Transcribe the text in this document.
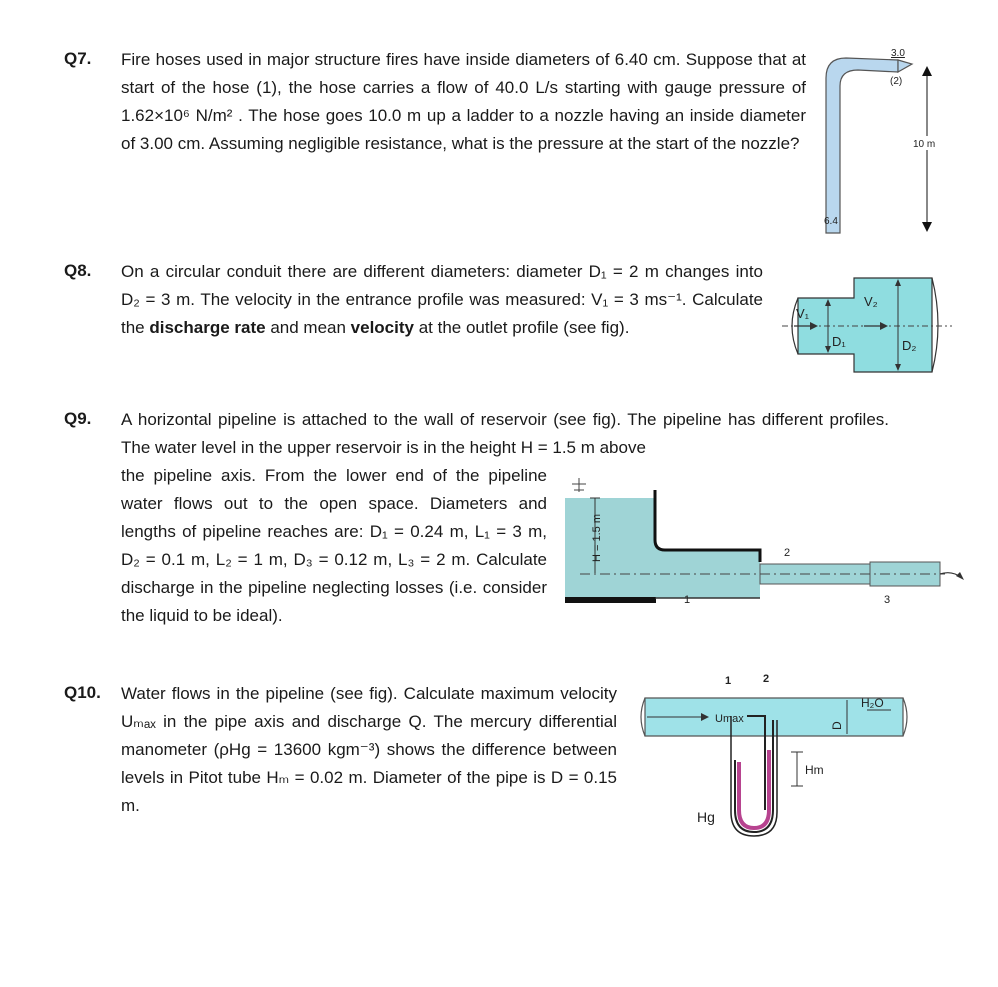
Q7. Fire hoses used in major structure fires have inside diameters of 6.40 cm. Suppose that at start of the hose (1), the hose carries a flow of 40.0 L/s starting with gauge pressure of 1.62×10⁶ N/m² . The hose goes 10.0 m up a ladder to a nozzle having an inside diameter of 3.00 cm. Assuming negligible resistance, what is the pressure at the start of the nozzle?
3.0
(2)
10 m
6.4
Q8. On a circular conduit there are different diameters: diameter D₁ = 2 m changes into D₂ = 3 m. The velocity in the entrance profile was measured: V₁ = 3 ms⁻¹. Calculate the discharge rate and mean velocity at the outlet profile (see fig).
V₁
V₂
D₁	D₂
Q9. A horizontal pipeline is attached to the wall of reservoir (see fig). The pipeline has different profiles. The water level in the upper reservoir is in the height H = 1.5 m above
the pipeline axis. From the lower end of the pipeline water flows out to the open space. Diameters and lengths of pipeline reaches are: D₁ = 0.24 m, L₁ = 3 m, D₂ = 0.1 m, L₂ = 1 m, D₃ = 0.12 m, L₃ = 2 m. Calculate discharge in the pipeline neglecting losses (i.e. consider the liquid to be ideal).
H = 1.5 m
1
2
3
Q10. Water flows in the pipeline (see fig). Calculate maximum velocity Uₘₐₓ in the pipe axis and discharge Q. The mercury differential manometer (ρHg = 13600 kgm⁻³) shows the difference between levels in Pitot tube Hₘ = 0.02 m. Diameter of the pipe is D = 0.15 m.
Umax
1	2
Hm
D
H₂O
Hg
